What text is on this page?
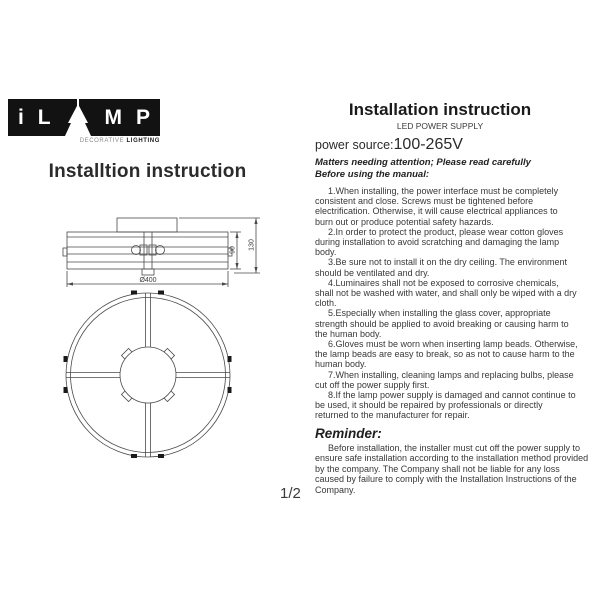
i L	M P
DECORATIVE LIGHTING
Installtion instruction
Ø400
90 130
1/2
Installation instruction
LED POWER SUPPLY
power source:100-265V
Matters needing attention; Please read carefully
Before using the manual:

1.When installing, the power interface must be completely consistent and close. Screws must be tightened before electrification. Otherwise, it will cause electrical appliances to burn out or produce potential safety hazards.

2.In order to protect the product, please wear cotton gloves during installation to avoid scratching and damaging the lamp body.

3.Be sure not to install it on the dry ceiling. The environment should be ventilated and dry.

4.Luminaires shall not be exposed to corrosive chemicals, shall not be washed with water, and shall only be wiped with a dry cloth.

5.Especially when installing the glass cover, appropriate strength should be applied to avoid breaking or causing harm to the human body.

6.Gloves must be worn when inserting lamp beads. Otherwise, the lamp beads are easy to break, so as not to cause harm to the human body.

7.When installing, cleaning lamps and replacing bulbs, please cut off the power supply first.

8.If the lamp power supply is damaged and cannot continue to be used, it should be repaired by professionals or directly returned to the manufacturer for repair.

Reminder:

Before installation, the installer must cut off the power supply to ensure safe installation according to the installation method provided by the company. The Company shall not be liable for any loss caused by failure to comply with the Installation Instructions of the Company.
